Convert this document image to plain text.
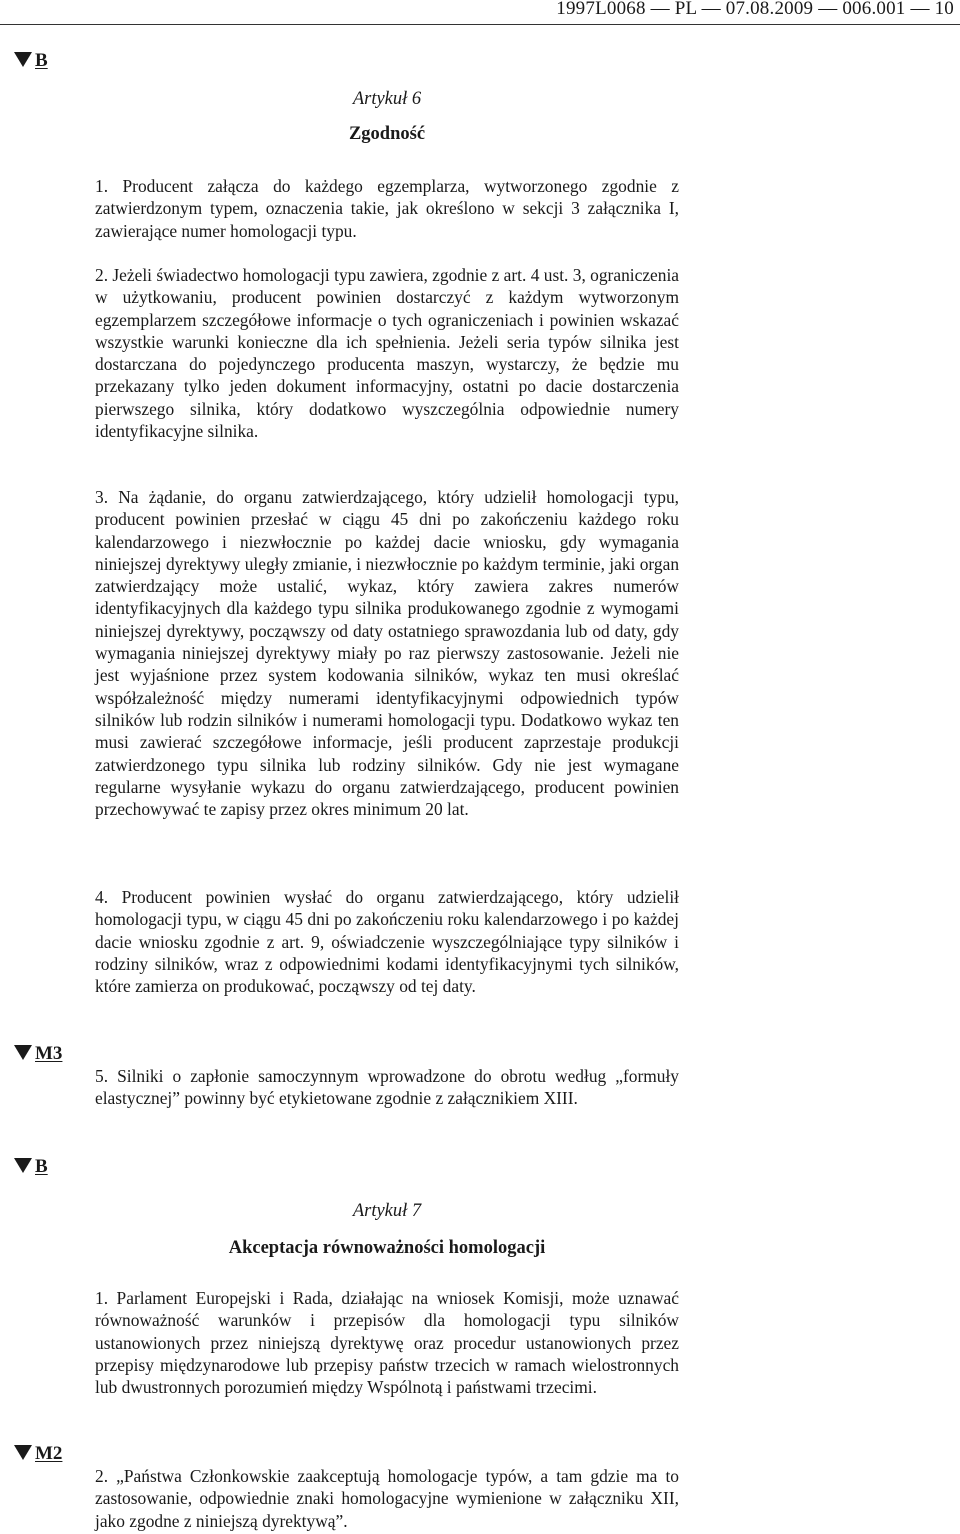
1997L0068 — PL — 07.08.2009 — 006.001 — 10
B
M3
B
M2
Artykuł 6
Zgodność

1. Producent załącza do każdego egzemplarza, wytworzonego zgodnie z zatwierdzonym typem, oznaczenia takie, jak określono w sekcji 3 załącznika I, zawierające numer homologacji typu.

2. Jeżeli świadectwo homologacji typu zawiera, zgodnie z art. 4 ust. 3, ograniczenia w użytkowaniu, producent powinien dostarczyć z każdym wytworzonym egzemplarzem szczegółowe informacje o tych ograniczeniach i powinien wskazać wszystkie warunki konieczne dla ich spełnienia. Jeżeli seria typów silnika jest dostarczana do pojedynczego producenta maszyn, wystarczy, że będzie mu przekazany tylko jeden dokument informacyjny, ostatni po dacie dostarczenia pierwszego silnika, który dodatkowo wyszczególnia odpowiednie numery identyfikacyjne silnika.

3. Na żądanie, do organu zatwierdzającego, który udzielił homologacji typu, producent powinien przesłać w ciągu 45 dni po zakończeniu każdego roku kalendarzowego i niezwłocznie po każdej dacie wniosku, gdy wymagania niniejszej dyrektywy uległy zmianie, i niezwłocznie po każdym terminie, jaki organ zatwierdzający może ustalić, wykaz, który zawiera zakres numerów identyfikacyjnych dla każdego typu silnika produkowanego zgodnie z wymogami niniejszej dyrektywy, począwszy od daty ostatniego sprawozdania lub od daty, gdy wymagania niniejszej dyrektywy miały po raz pierwszy zastosowanie. Jeżeli nie jest wyjaśnione przez system kodowania silników, wykaz ten musi określać współzależność między numerami identyfikacyjnymi odpowiednich typów silników lub rodzin silników i numerami homologacji typu. Dodatkowo wykaz ten musi zawierać szczegółowe informacje, jeśli producent zaprzestaje produkcji zatwierdzonego typu silnika lub rodziny silników. Gdy nie jest wymagane regularne wysyłanie wykazu do organu zatwierdzającego, producent powinien przechowywać te zapisy przez okres minimum 20 lat.

4. Producent powinien wysłać do organu zatwierdzającego, który udzielił homologacji typu, w ciągu 45 dni po zakończeniu roku kalendarzowego i po każdej dacie wniosku zgodnie z art. 9, oświadczenie wyszczególniające typy silników i rodziny silników, wraz z odpowiednimi kodami identyfikacyjnymi tych silników, które zamierza on produkować, począwszy od tej daty.

5. Silniki o zapłonie samoczynnym wprowadzone do obrotu według „formuły elastycznej” powinny być etykietowane zgodnie z załącznikiem XIII.

Artykuł 7
Akceptacja równoważności homologacji

1. Parlament Europejski i Rada, działając na wniosek Komisji, może uznawać równoważność warunków i przepisów dla homologacji typu silników ustanowionych przez niniejszą dyrektywę oraz procedur ustanowionych przez przepisy międzynarodowe lub przepisy państw trzecich w ramach wielostronnych lub dwustronnych porozumień między Wspólnotą i państwami trzecimi.

2. „Państwa Członkowskie zaakceptują homologacje typów, a tam gdzie ma to zastosowanie, odpowiednie znaki homologacyjne wymienione w załączniku XII, jako zgodne z niniejszą dyrektywą”.
